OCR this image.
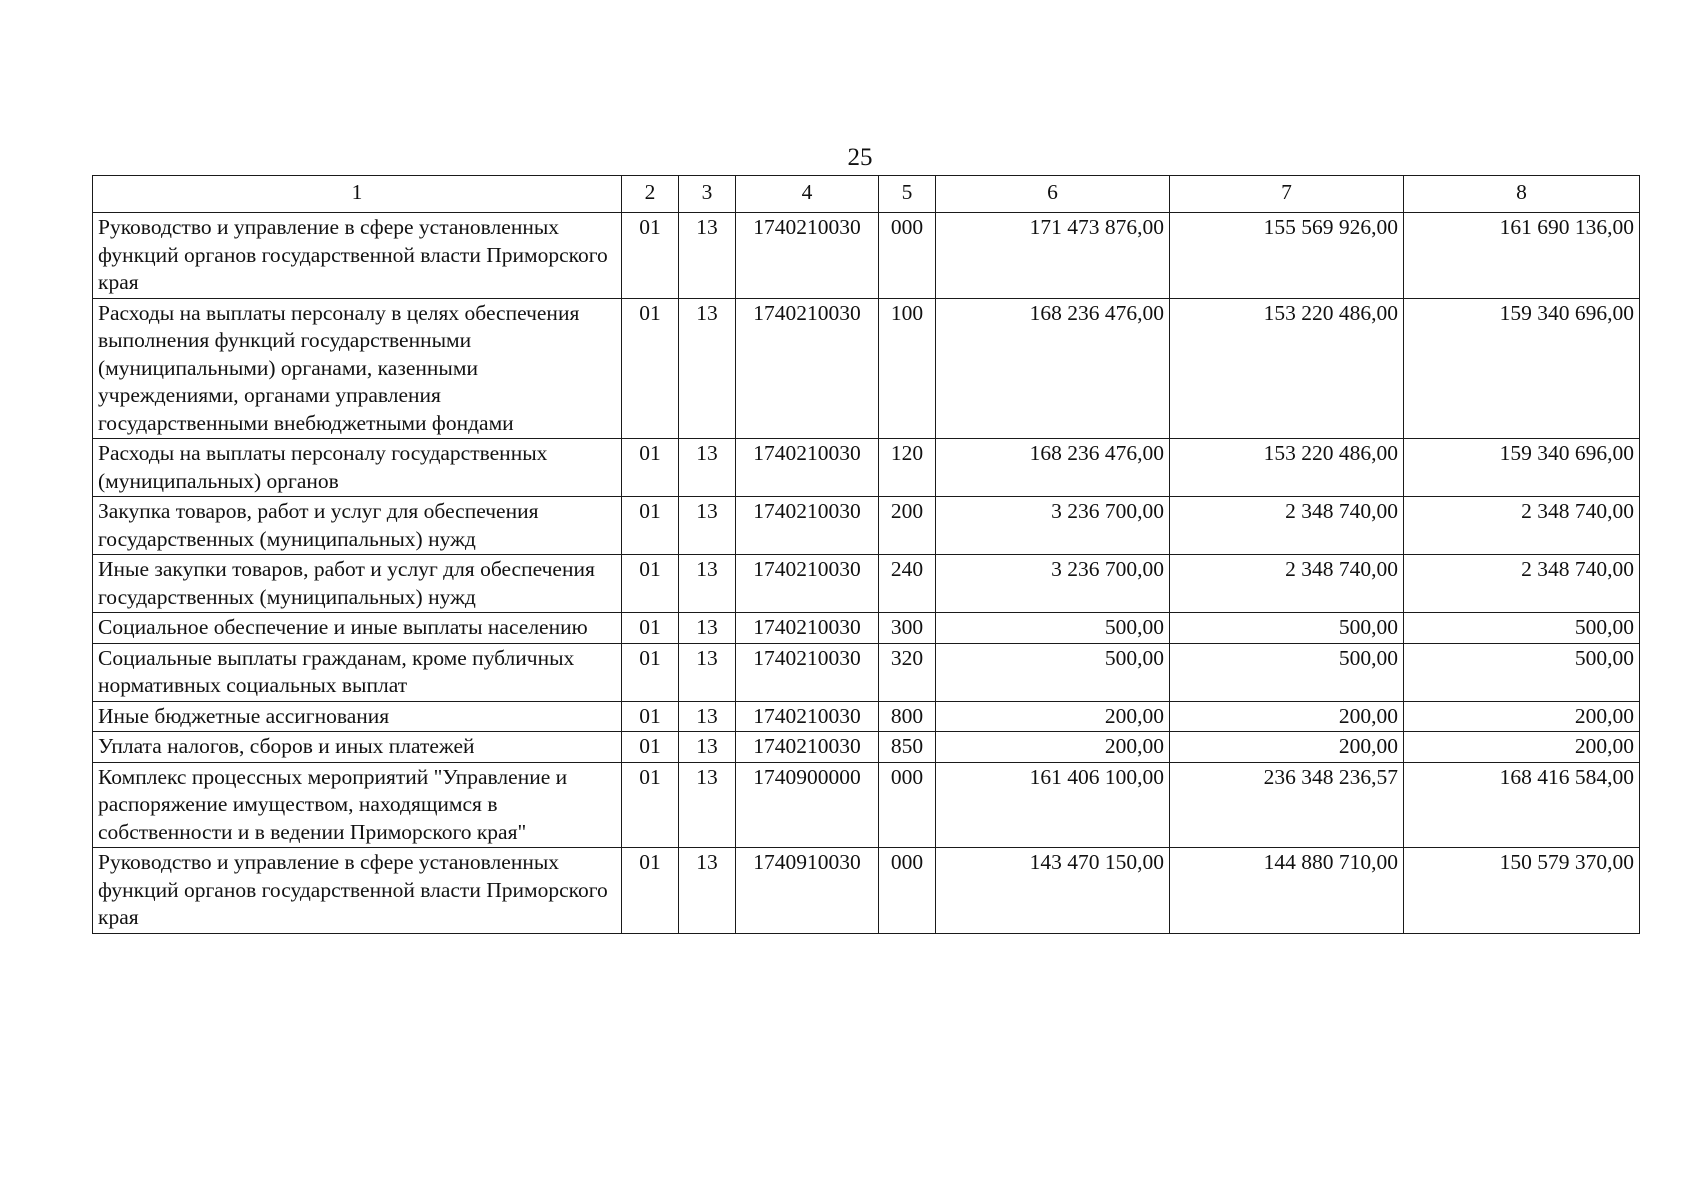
25
1	2	3	4	5	6	7	8
Руководство и управление в сфере установленных функций органов государственной власти Приморского края	01	13	1740210030	000	171 473 876,00	155 569 926,00	161 690 136,00
Расходы на выплаты персоналу в целях обеспечения выполнения функций государственными (муниципальными) органами, казенными учреждениями, органами управления государственными внебюджетными фондами	01	13	1740210030	100	168 236 476,00	153 220 486,00	159 340 696,00
Расходы на выплаты персоналу государственных (муниципальных) органов	01	13	1740210030	120	168 236 476,00	153 220 486,00	159 340 696,00
Закупка товаров, работ и услуг для обеспечения государственных (муниципальных) нужд	01	13	1740210030	200	3 236 700,00	2 348 740,00	2 348 740,00
Иные закупки товаров, работ и услуг для обеспечения государственных (муниципальных) нужд	01	13	1740210030	240	3 236 700,00	2 348 740,00	2 348 740,00
Социальное обеспечение и иные выплаты населению	01	13	1740210030	300	500,00	500,00	500,00
Социальные выплаты гражданам, кроме публичных нормативных социальных выплат	01	13	1740210030	320	500,00	500,00	500,00
Иные бюджетные ассигнования	01	13	1740210030	800	200,00	200,00	200,00
Уплата налогов, сборов и иных платежей	01	13	1740210030	850	200,00	200,00	200,00
Комплекс процессных мероприятий "Управление и распоряжение имуществом, находящимся в собственности и в ведении Приморского края"	01	13	1740900000	000	161 406 100,00	236 348 236,57	168 416 584,00
Руководство и управление в сфере установленных функций органов государственной власти Приморского края	01	13	1740910030	000	143 470 150,00	144 880 710,00	150 579 370,00
